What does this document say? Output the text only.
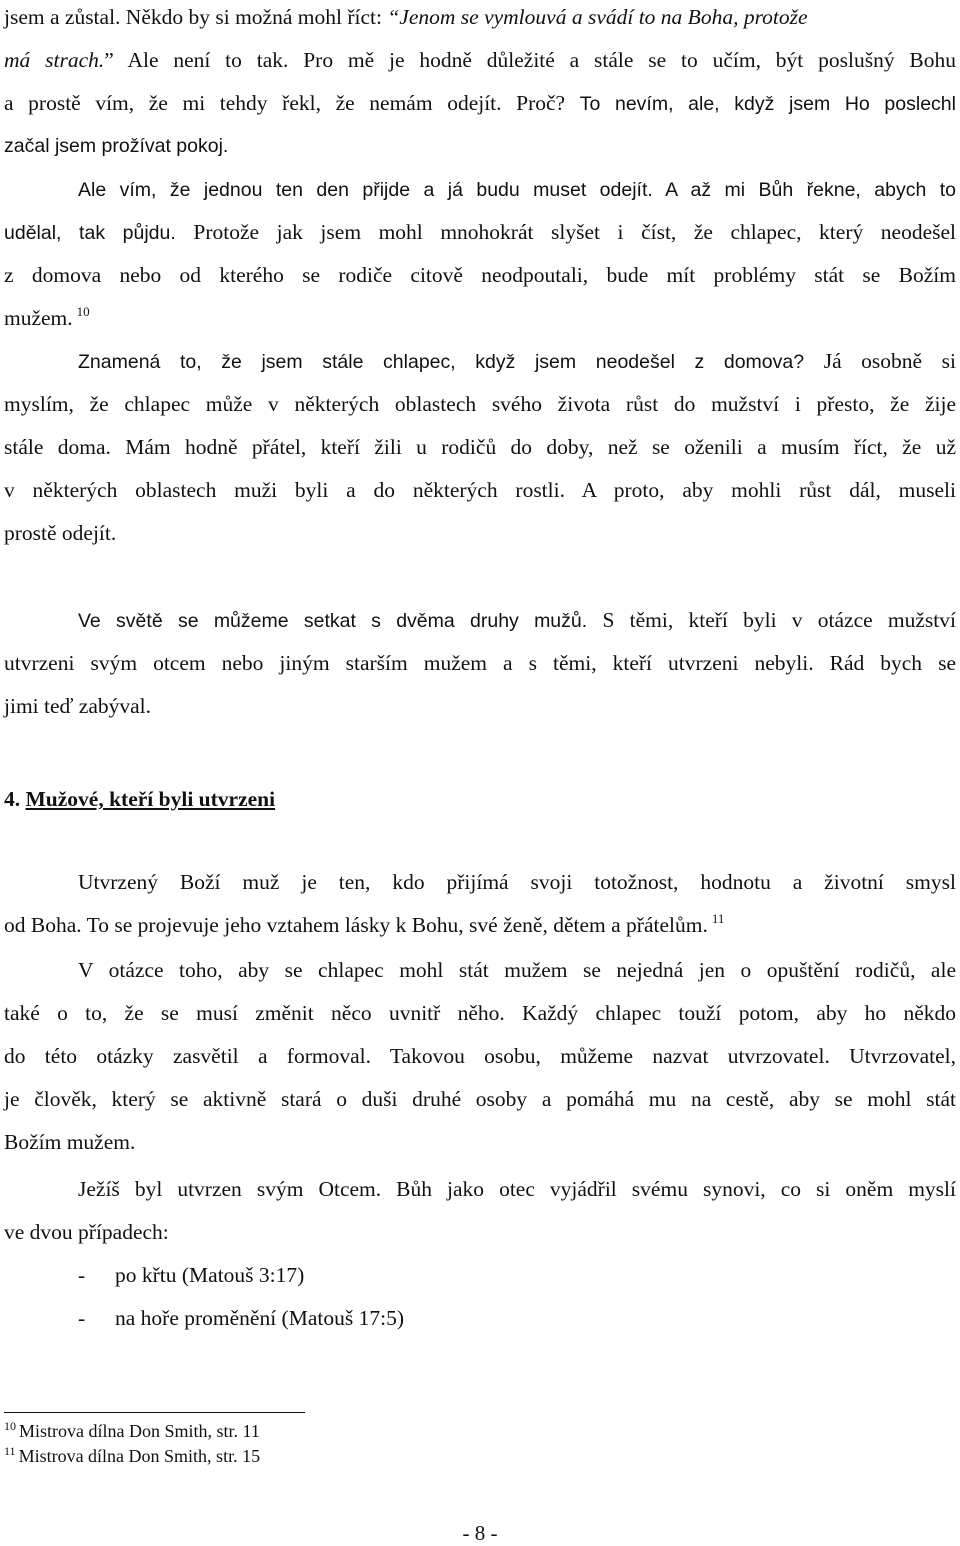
jsem a zůstal. Někdo by si možná mohl říct: “Jenom se vymlouvá a svádí to na Boha, protože
má strach.” Ale není to tak. Pro mě je hodně důležité a stále se to učím, být poslušný Bohu
a prostě vím, že mi tehdy řekl, že nemám odejít. Proč? To nevím, ale, když jsem Ho poslechl
začal jsem prožívat pokoj.
Ale vím, že jednou ten den přijde a já budu muset odejít. A až mi Bůh řekne, abych to
udělal, tak půjdu. Protože jak jsem mohl mnohokrát slyšet i číst, že chlapec, který neodešel
z domova nebo od kterého se rodiče citově neodpoutali, bude mít problémy stát se Božím
mužem. $^{10}$
Znamená to, že jsem stále chlapec, když jsem neodešel z domova? Já osobně si
myslím, že chlapec může v některých oblastech svého života růst do mužství i přesto, že žije
stále doma. Mám hodně přátel, kteří žili u rodičů do doby, než se oženili a musím říct, že už
v některých oblastech muži byli a do některých rostli. A proto, aby mohli růst dál, museli
prostě odejít.
Ve světě se můžeme setkat s dvěma druhy mužů. S těmi, kteří byli v otázce mužství
utvrzeni svým otcem nebo jiným starším mužem a s těmi, kteří utvrzeni nebyli. Rád bych se
jimi teď zabýval.
4. Mužové, kteří byli utvrzeni
Utvrzený Boží muž je ten, kdo přijímá svoji totožnost, hodnotu a životní smysl
od Boha. To se projevuje jeho vztahem lásky k Bohu, své ženě, dětem a přátelům. $^{11}$
V otázce toho, aby se chlapec mohl stát mužem se nejedná jen o opuštění rodičů, ale
také o to, že se musí změnit něco uvnitř něho. Každý chlapec touží potom, aby ho někdo
do této otázky zasvětil a formoval. Takovou osobu, můžeme nazvat utvrzovatel. Utvrzovatel,
je člověk, který se aktivně stará o duši druhé osoby a pomáhá mu na cestě, aby se mohl stát
Božím mužem.
Ježíš byl utvrzen svým Otcem. Bůh jako otec vyjádřil svému synovi, co si oněm myslí
ve dvou případech:
- po křtu (Matouš 3:17)
- na hoře proměnění (Matouš 17:5)
$^{10}$ Mistrova dílna Don Smith, str. 11
$^{11}$ Mistrova dílna Don Smith, str. 15
- 8 -
